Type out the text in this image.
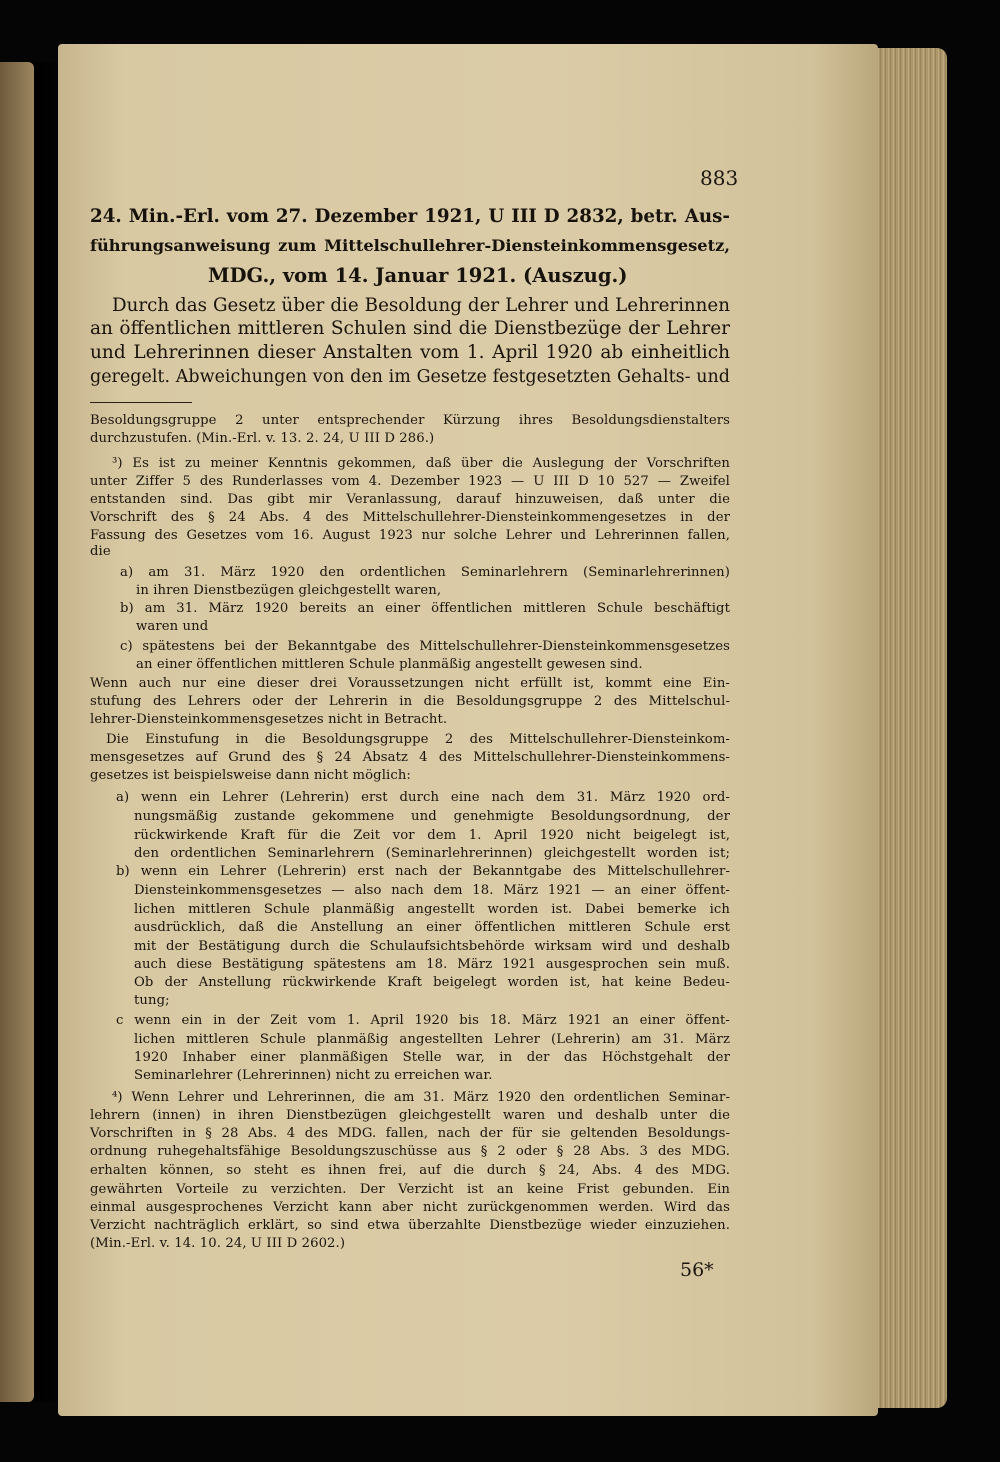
883
24. Min.-Erl. vom 27. Dezember 1921, U III D 2832, betr. Aus-
führungsanweisung zum Mittelschullehrer-Diensteinkommensgesetz,
MDG., vom 14. Januar 1921. (Auszug.)
Durch das Gesetz über die Besoldung der Lehrer und Lehrerinnen
an öffentlichen mittleren Schulen sind die Dienstbezüge der Lehrer
und Lehrerinnen dieser Anstalten vom 1. April 1920 ab einheitlich
geregelt. Abweichungen von den im Gesetze festgesetzten Gehalts- und
Besoldungsgruppe 2 unter entsprechender Kürzung ihres Besoldungsdienstalters
durchzustufen. (Min.-Erl. v. 13. 2. 24, U III D 286.)
³) Es ist zu meiner Kenntnis gekommen, daß über die Auslegung der Vorschriften
unter Ziffer 5 des Runderlasses vom 4. Dezember 1923 — U III D 10 527 — Zweifel
entstanden sind. Das gibt mir Veranlassung, darauf hinzuweisen, daß unter die
Vorschrift des § 24 Abs. 4 des Mittelschullehrer-Diensteinkommengesetzes in der
Fassung des Gesetzes vom 16. August 1923 nur solche Lehrer und Lehrerinnen fallen,
die
a) am 31. März 1920 den ordentlichen Seminarlehrern (Seminarlehrerinnen)
in ihren Dienstbezügen gleichgestellt waren,
b) am 31. März 1920 bereits an einer öffentlichen mittleren Schule beschäftigt
waren und
c) spätestens bei der Bekanntgabe des Mittelschullehrer-Diensteinkommensgesetzes
an einer öffentlichen mittleren Schule planmäßig angestellt gewesen sind.
Wenn auch nur eine dieser drei Voraussetzungen nicht erfüllt ist, kommt eine Ein-
stufung des Lehrers oder der Lehrerin in die Besoldungsgruppe 2 des Mittelschul-
lehrer-Diensteinkommensgesetzes nicht in Betracht.
Die Einstufung in die Besoldungsgruppe 2 des Mittelschullehrer-Diensteinkom-
mensgesetzes auf Grund des § 24 Absatz 4 des Mittelschullehrer-Diensteinkommens-
gesetzes ist beispielsweise dann nicht möglich:
a) wenn ein Lehrer (Lehrerin) erst durch eine nach dem 31. März 1920 ord-
nungsmäßig zustande gekommene und genehmigte Besoldungsordnung, der
rückwirkende Kraft für die Zeit vor dem 1. April 1920 nicht beigelegt ist,
den ordentlichen Seminarlehrern (Seminarlehrerinnen) gleichgestellt worden ist;
b) wenn ein Lehrer (Lehrerin) erst nach der Bekanntgabe des Mittelschullehrer-
Diensteinkommensgesetzes — also nach dem 18. März 1921 — an einer öffent-
lichen mittleren Schule planmäßig angestellt worden ist. Dabei bemerke ich
ausdrücklich, daß die Anstellung an einer öffentlichen mittleren Schule erst
mit der Bestätigung durch die Schulaufsichtsbehörde wirksam wird und deshalb
auch diese Bestätigung spätestens am 18. März 1921 ausgesprochen sein muß.
Ob der Anstellung rückwirkende Kraft beigelegt worden ist, hat keine Bedeu-
tung;
c wenn ein in der Zeit vom 1. April 1920 bis 18. März 1921 an einer öffent-
lichen mittleren Schule planmäßig angestellten Lehrer (Lehrerin) am 31. März
1920 Inhaber einer planmäßigen Stelle war, in der das Höchstgehalt der
Seminarlehrer (Lehrerinnen) nicht zu erreichen war.
⁴) Wenn Lehrer und Lehrerinnen, die am 31. März 1920 den ordentlichen Seminar-
lehrern (innen) in ihren Dienstbezügen gleichgestellt waren und deshalb unter die
Vorschriften in § 28 Abs. 4 des MDG. fallen, nach der für sie geltenden Besoldungs-
ordnung ruhegehaltsfähige Besoldungszuschüsse aus § 2 oder § 28 Abs. 3 des MDG.
erhalten können, so steht es ihnen frei, auf die durch § 24, Abs. 4 des MDG.
gewährten Vorteile zu verzichten. Der Verzicht ist an keine Frist gebunden. Ein
einmal ausgesprochenes Verzicht kann aber nicht zurückgenommen werden. Wird das
Verzicht nachträglich erklärt, so sind etwa überzahlte Dienstbezüge wieder einzuziehen.
(Min.-Erl. v. 14. 10. 24, U III D 2602.)
56*
